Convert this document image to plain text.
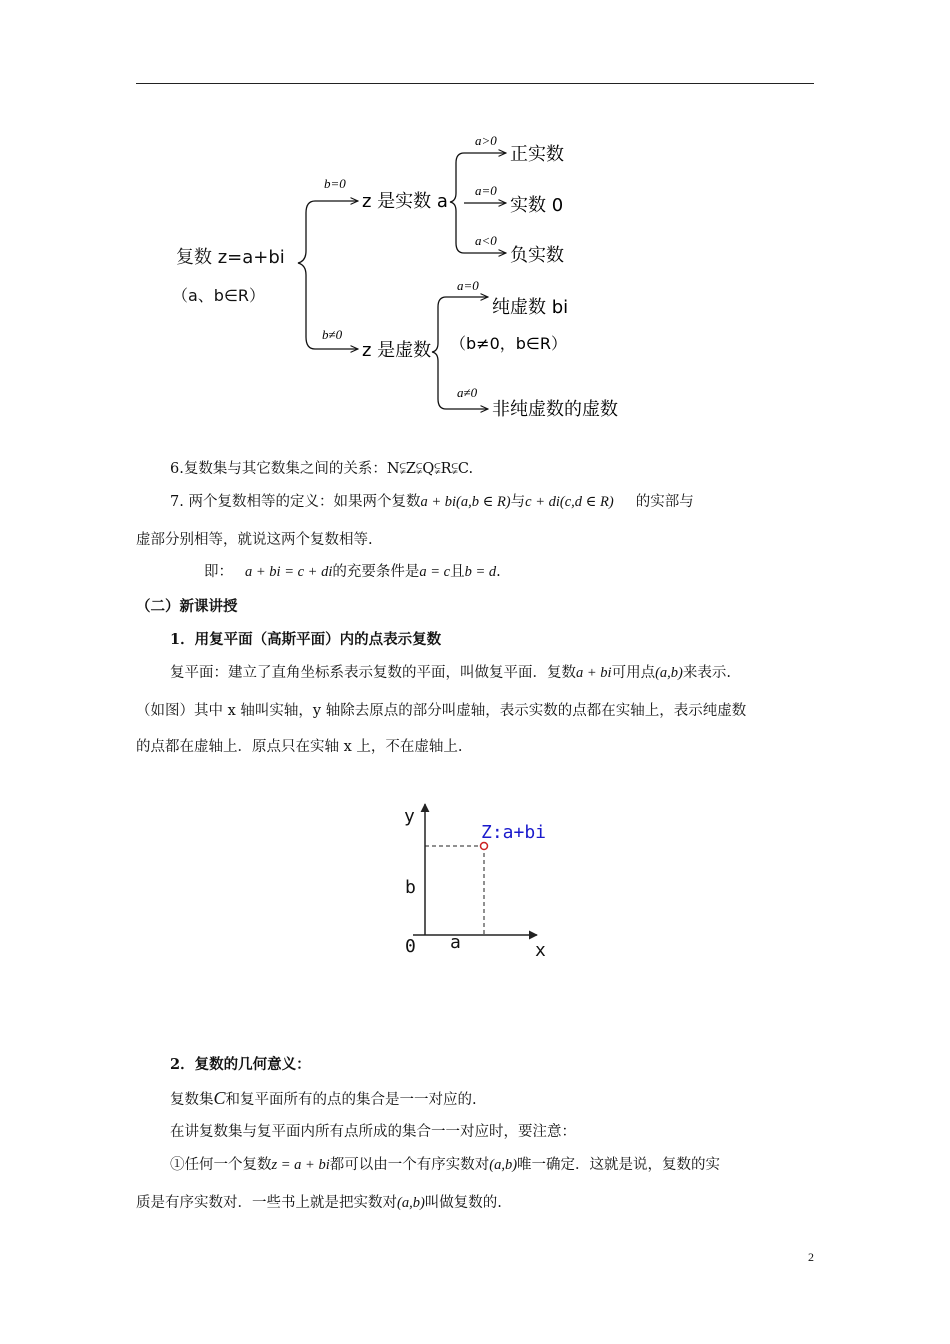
复数 z=a+bi
（a、b∈R）
b=0
z 是实数 a
b≠0
z 是虚数
a>0
正实数
a=0
实数 0
a<0
负实数
a=0
纯虚数 bi
（b≠0，b∈R）
a≠0
非纯虚数的虚数
6.复数集与其它数集之间的关系：N⫋Z⫋Q⫋R⫋C.
7. 两个复数相等的定义：如果两个复数a + bi(a,b ∈ R)与c + di(c,d ∈ R) 的实部与
虚部分别相等，就说这两个复数相等.
即： a + bi = c + di的充要条件是a = c且b = d.
（二）新课讲授
1．用复平面（高斯平面）内的点表示复数
复平面：建立了直角坐标系表示复数的平面，叫做复平面．复数a + bi可用点(a,b)来表示.
（如图）其中 x 轴叫实轴，y 轴除去原点的部分叫虚轴，表示实数的点都在实轴上，表示纯虚数
的点都在虚轴上．原点只在实轴 x 上，不在虚轴上.
y
b
0 a	x
Z:a+bi
2．复数的几何意义：
复数集C和复平面所有的点的集合是一一对应的.
在讲复数集与复平面内所有点所成的集合一一对应时，要注意：
①任何一个复数z = a + bi都可以由一个有序实数对(a,b)唯一确定．这就是说，复数的实
质是有序实数对．一些书上就是把实数对(a,b)叫做复数的.
2
